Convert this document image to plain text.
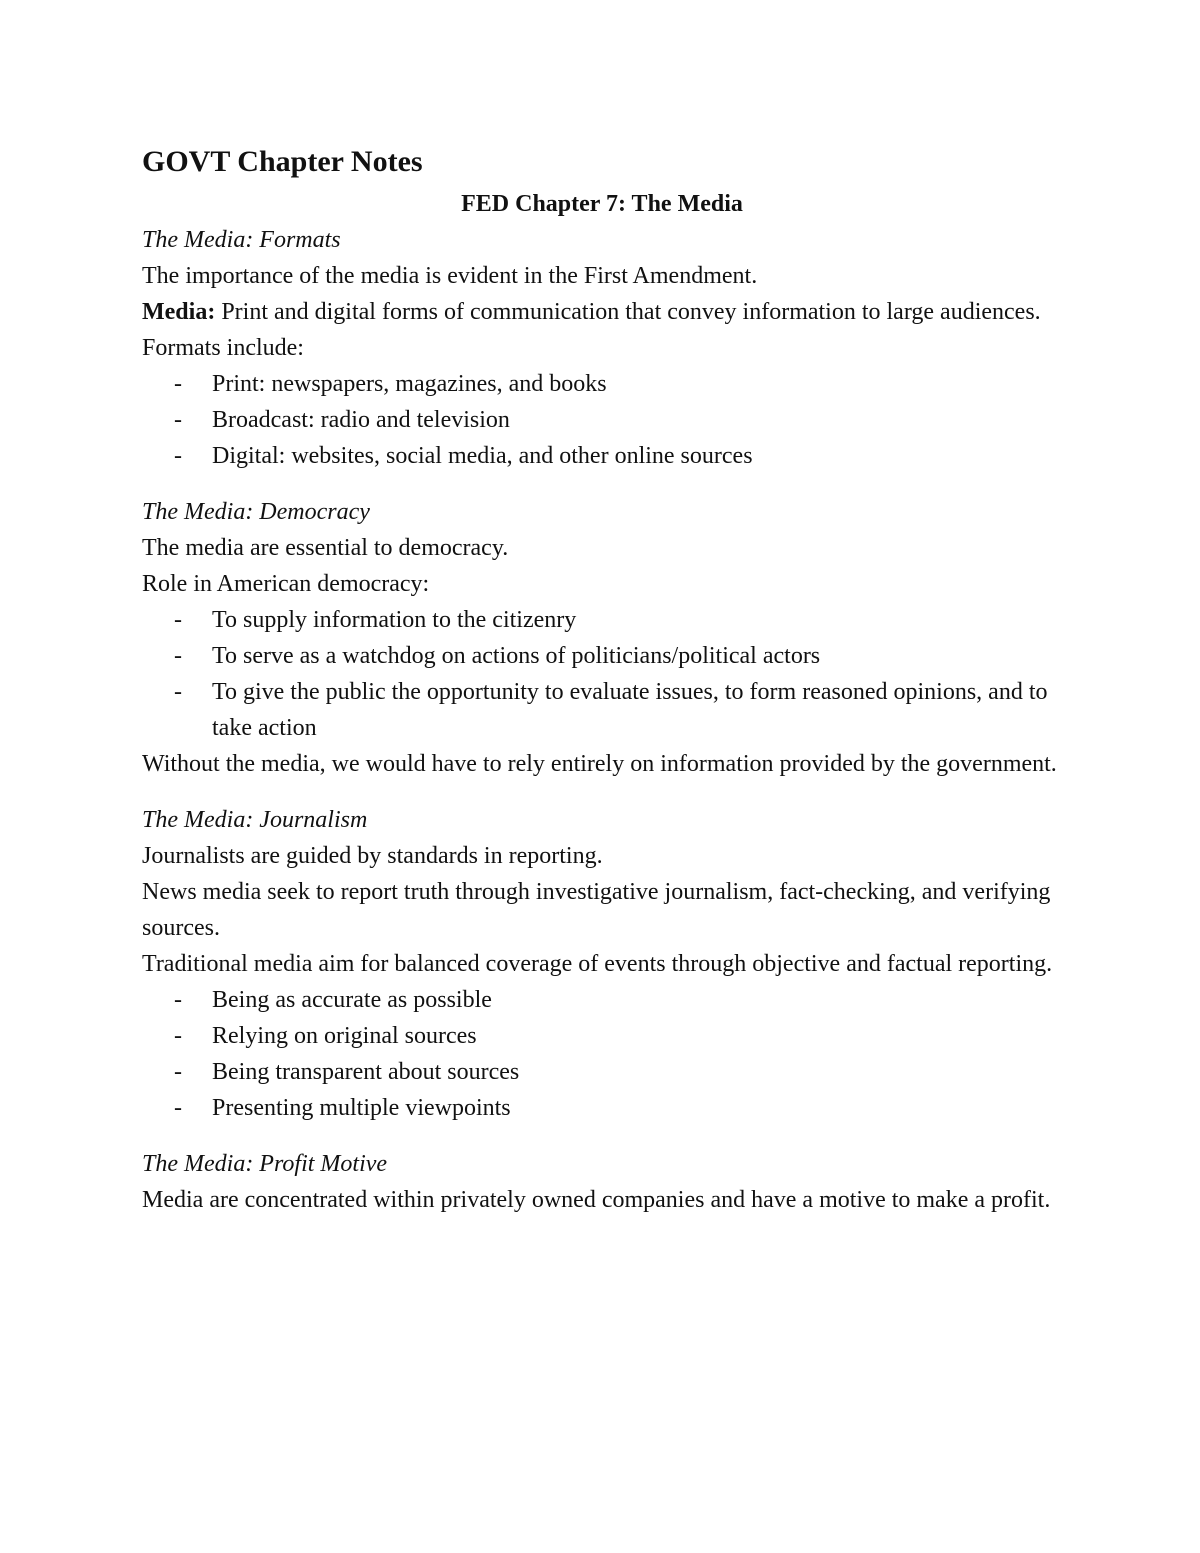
GOVT Chapter Notes
FED Chapter 7: The Media

The Media: Formats

The importance of the media is evident in the First Amendment.

Media: Print and digital forms of communication that convey information to large audiences.

Formats include:

- Print: newspapers, magazines, and books
- Broadcast: radio and television
- Digital: websites, social media, and other online sources

The Media: Democracy

The media are essential to democracy.

Role in American democracy:

- To supply information to the citizenry
- To serve as a watchdog on actions of politicians/political actors
- To give the public the opportunity to evaluate issues, to form reasoned opinions, and to take action

Without the media, we would have to rely entirely on information provided by the government.

The Media: Journalism

Journalists are guided by standards in reporting.

News media seek to report truth through investigative journalism, fact-checking, and verifying sources.

Traditional media aim for balanced coverage of events through objective and factual reporting.

- Being as accurate as possible
- Relying on original sources
- Being transparent about sources
- Presenting multiple viewpoints

The Media: Profit Motive

Media are concentrated within privately owned companies and have a motive to make a profit.
